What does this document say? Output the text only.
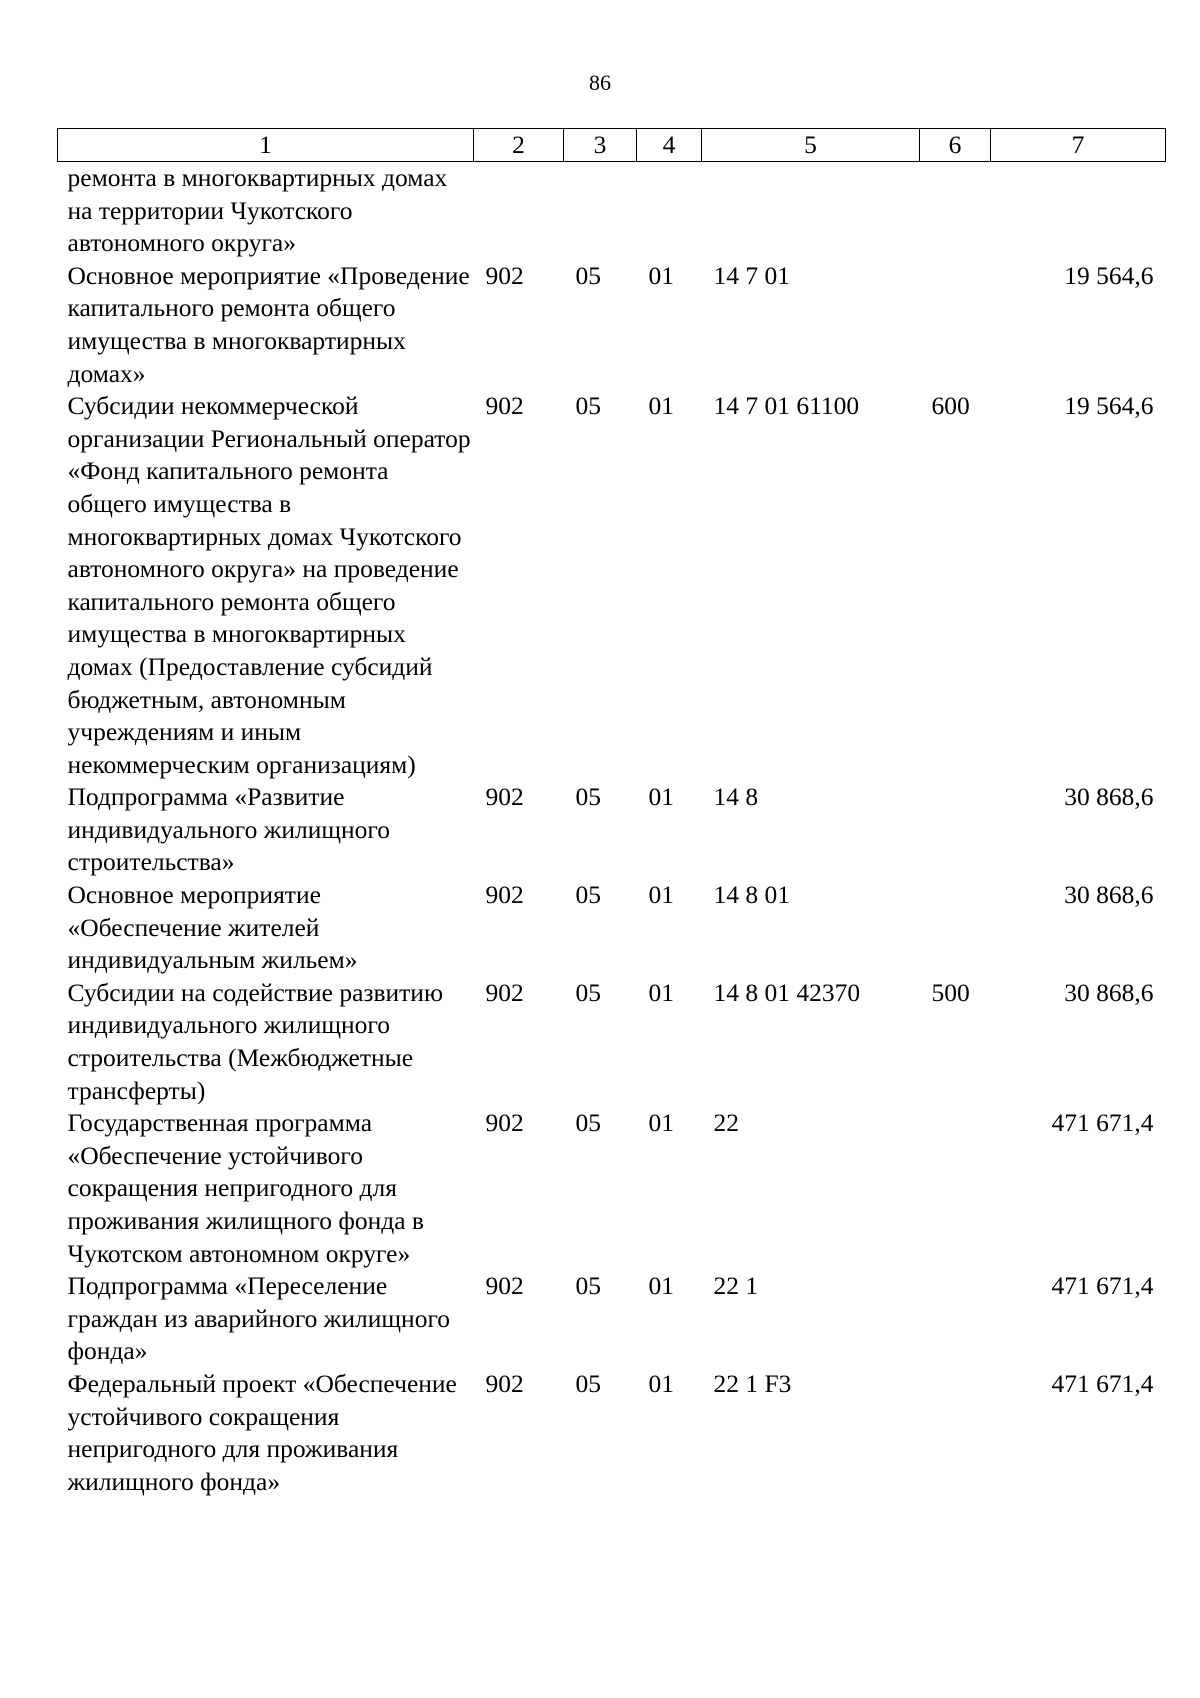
86
1	2	3	4	5	6	7
ремонта в многоквартирных домах на территории Чукотского автономного округа»						
Основное мероприятие «Проведение капитального ремонта общего имущества в многоквартирных домах»	902	05	01	14 7 01		19 564,6
Субсидии некоммерческой организации Региональный оператор «Фонд капитального ремонта общего имущества в многоквартирных домах Чукотского автономного округа» на проведение капитального ремонта общего имущества в многоквартирных домах (Предоставление субсидий бюджетным, автономным учреждениям и иным некоммерческим организациям)	902	05	01	14 7 01 61100	600	19 564,6
Подпрограмма «Развитие индивидуального жилищного строительства»	902	05	01	14 8		30 868,6
Основное мероприятие «Обеспечение жителей индивидуальным жильем»	902	05	01	14 8 01		30 868,6
Субсидии на содействие развитию индивидуального жилищного строительства (Межбюджетные трансферты)	902	05	01	14 8 01 42370	500	30 868,6
Государственная программа «Обеспечение устойчивого сокращения непригодного для проживания жилищного фонда в Чукотском автономном округе»	902	05	01	22		471 671,4
Подпрограмма «Переселение граждан из аварийного жилищного фонда»	902	05	01	22 1		471 671,4
Федеральный проект «Обеспечение устойчивого сокращения непригодного для проживания жилищного фонда»	902	05	01	22 1 F3		471 671,4
